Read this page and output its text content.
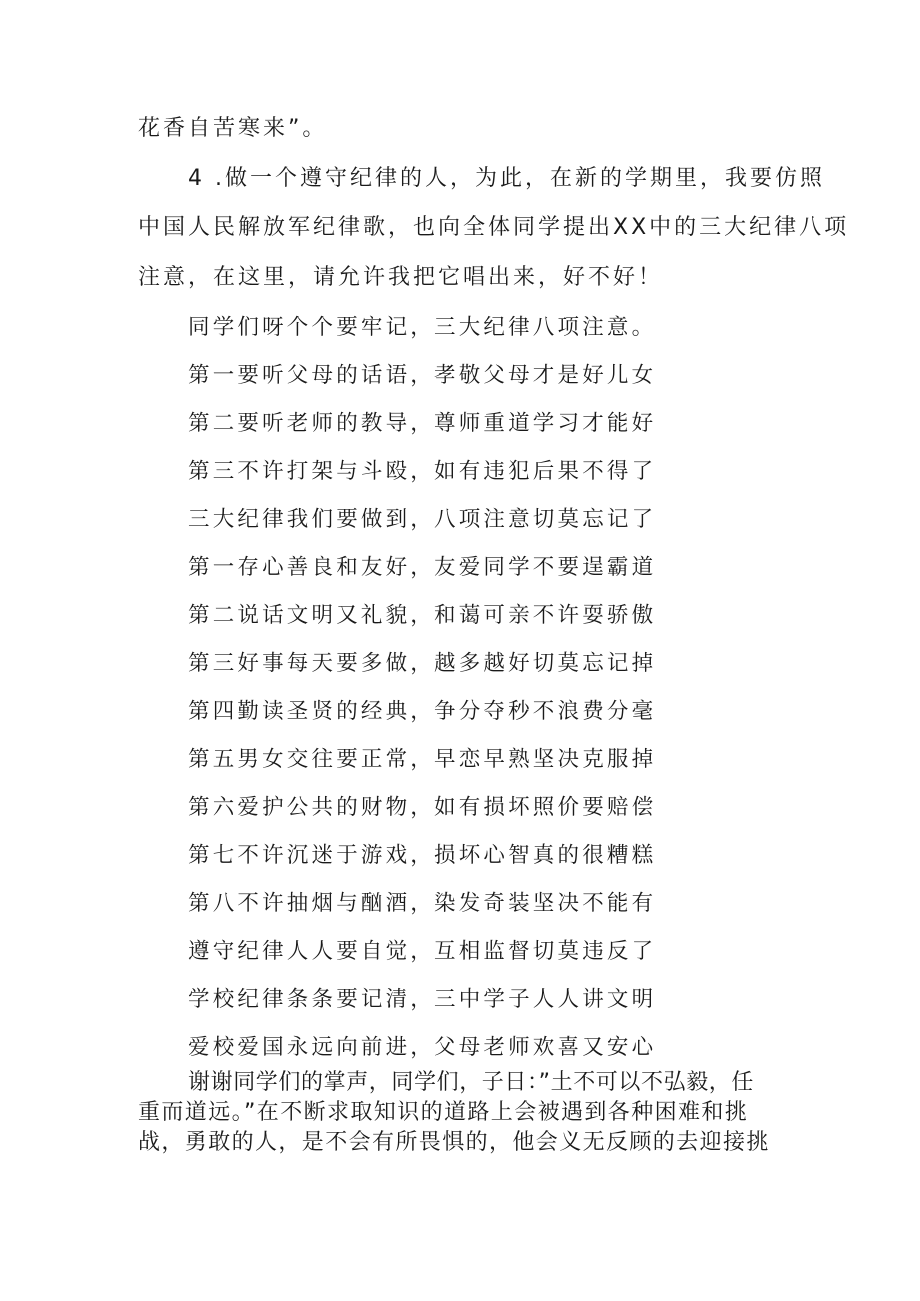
花香自苦寒来”。
4 .做一个遵守纪律的人，为此，在新的学期里，我要仿照
中国人民解放军纪律歌，也向全体同学提出XX中的三大纪律八项
注意，在这里，请允许我把它唱出来，好不好！
同学们呀个个要牢记，三大纪律八项注意。
第一要听父母的话语，孝敬父母才是好儿女
第二要听老师的教导，尊师重道学习才能好
第三不许打架与斗殴，如有违犯后果不得了
三大纪律我们要做到，八项注意切莫忘记了
第一存心善良和友好，友爱同学不要逞霸道
第二说话文明又礼貌，和蔼可亲不许耍骄傲
第三好事每天要多做，越多越好切莫忘记掉
第四勤读圣贤的经典，争分夺秒不浪费分毫
第五男女交往要正常，早恋早熟坚决克服掉
第六爱护公共的财物，如有损坏照价要赔偿
第七不许沉迷于游戏，损坏心智真的很糟糕
第八不许抽烟与酗酒，染发奇装坚决不能有
遵守纪律人人要自觉，互相监督切莫违反了
学校纪律条条要记清，三中学子人人讲文明
爱校爱国永远向前进，父母老师欢喜又安心
谢谢同学们的掌声，同学们，子日：”土不可以不弘毅，任
重而道远。”在不断求取知识的道路上会被遇到各种困难和挑
战，勇敢的人，是不会有所畏惧的，他会义无反顾的去迎接挑
